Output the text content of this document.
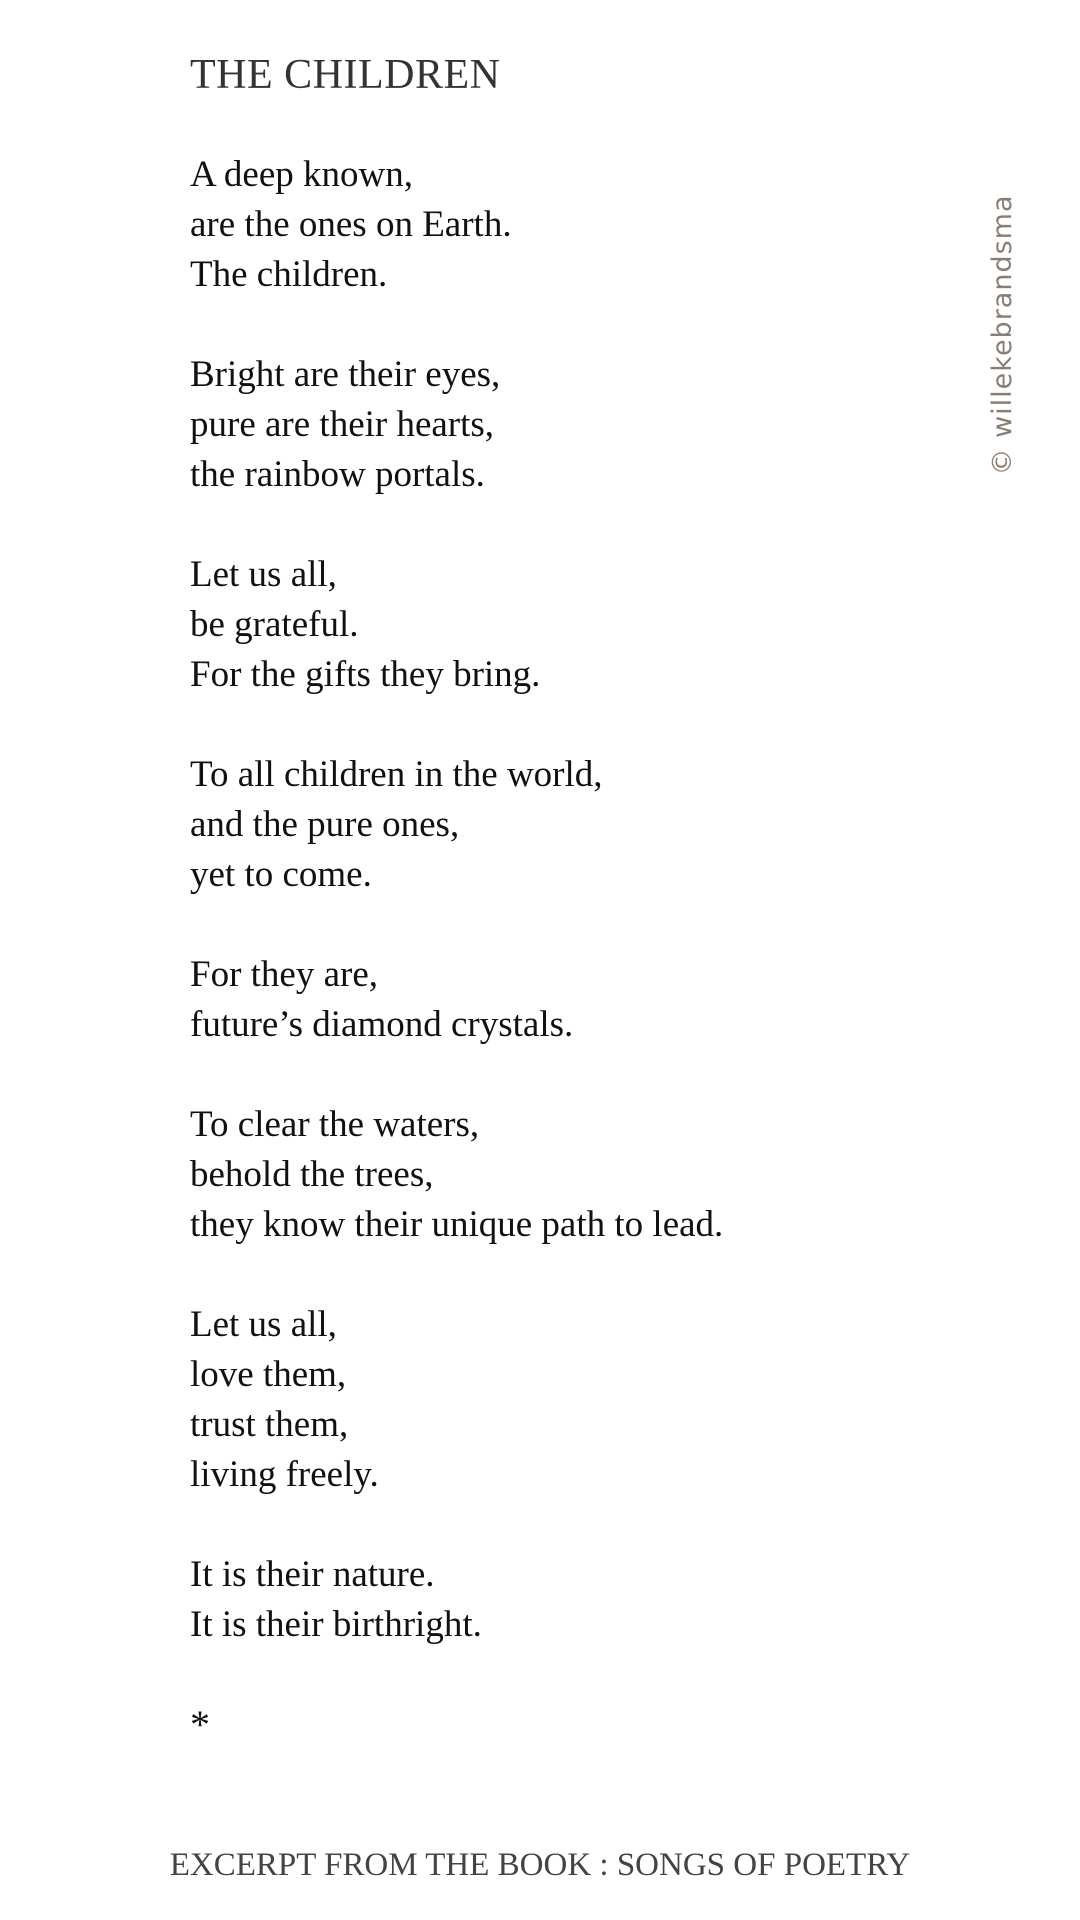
THE CHILDREN
A deep known,
are the ones on Earth.
The children.
Bright are their eyes,
pure are their hearts,
the rainbow portals.
Let us all,
be grateful.
For the gifts they bring.
To all children in the world,
and the pure ones,
yet to come.
For they are,
future’s diamond crystals.
To clear the waters,
behold the trees,
they know their unique path to lead.
Let us all,
love them,
trust them,
living freely.
It is their nature.
It is their birthright.
*
© willekebrandsma
EXCERPT FROM THE BOOK : SONGS OF POETRY
